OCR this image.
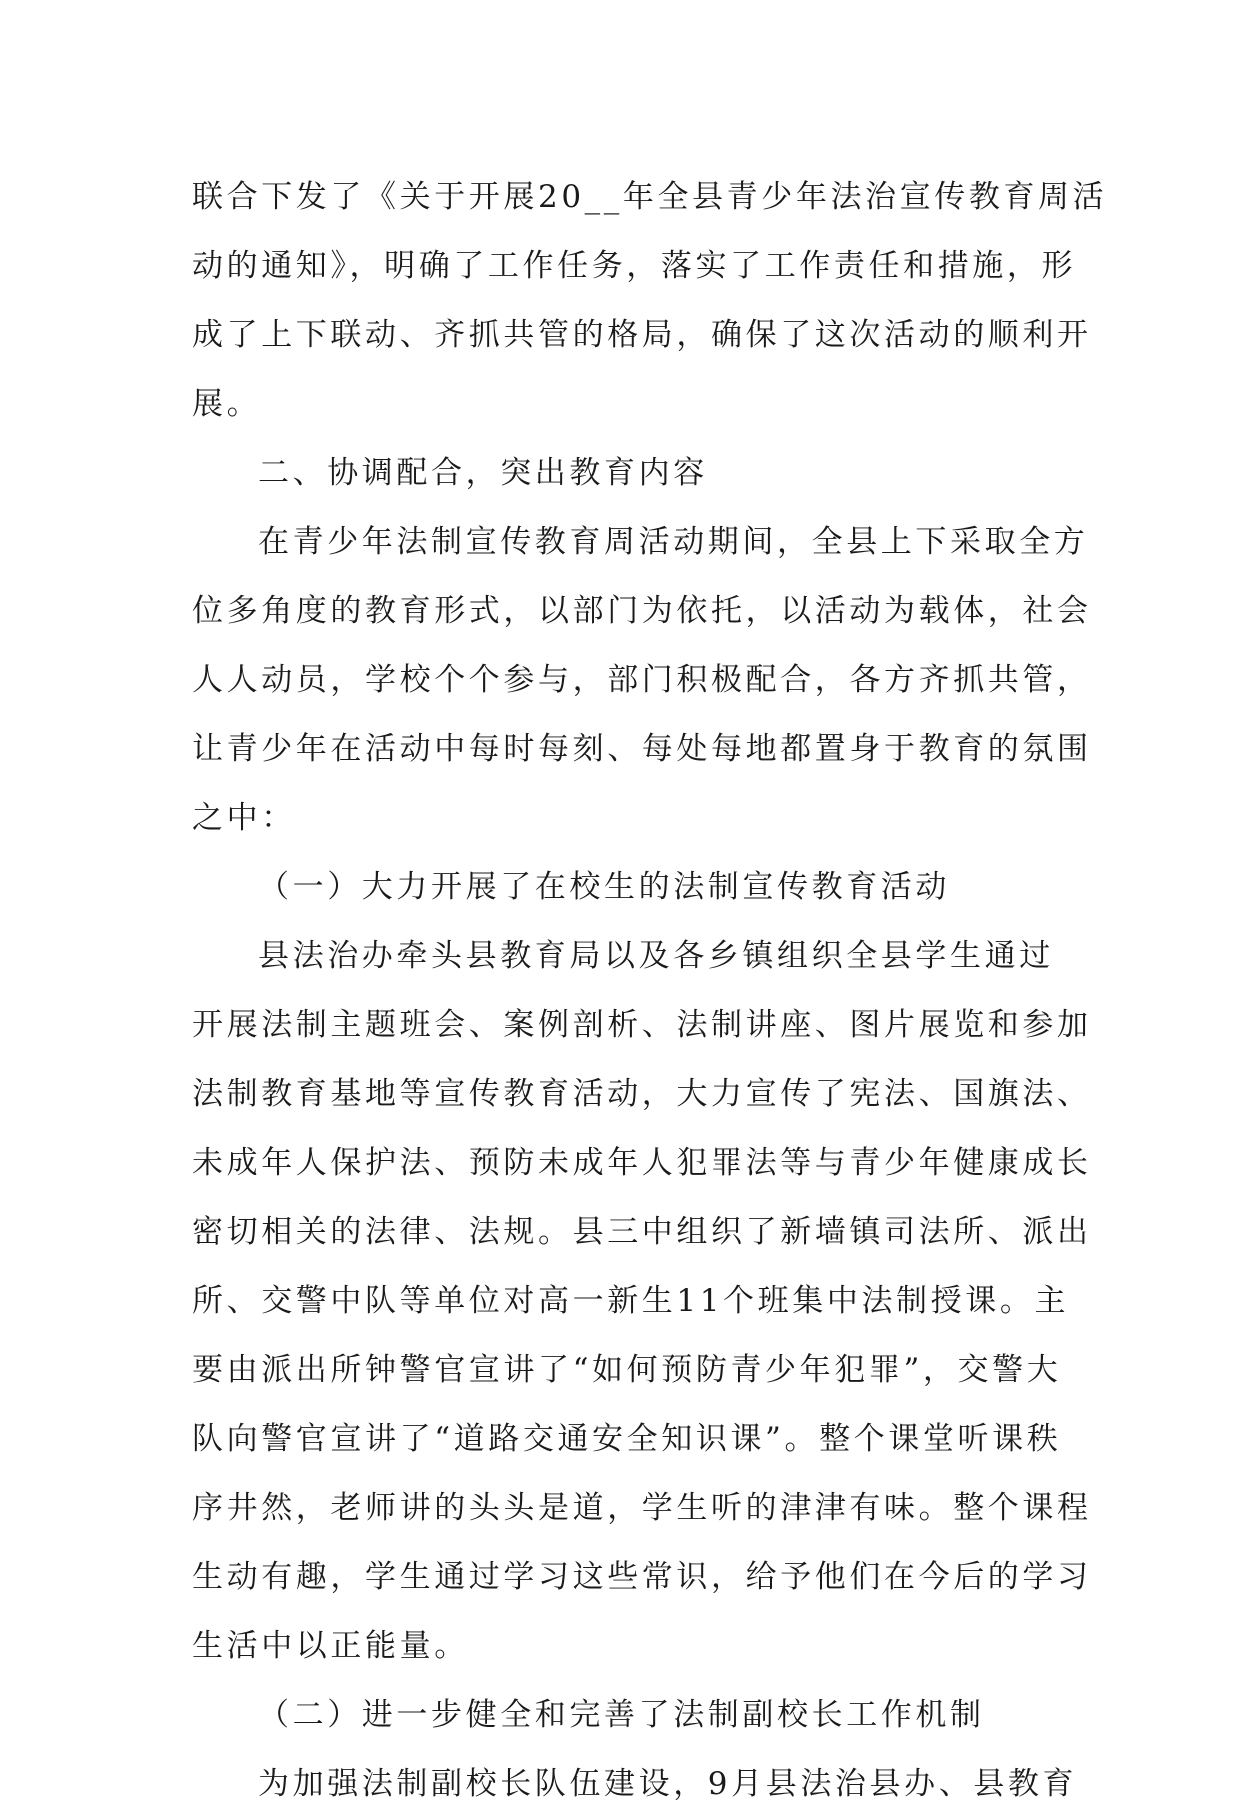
联合下发了《关于开展20__年全县青少年法治宣传教育周活
动的通知》，明确了工作任务，落实了工作责任和措施，形
成了上下联动、齐抓共管的格局，确保了这次活动的顺利开
展。
二、协调配合，突出教育内容
在青少年法制宣传教育周活动期间，全县上下采取全方
位多角度的教育形式，以部门为依托，以活动为载体，社会
人人动员，学校个个参与，部门积极配合，各方齐抓共管，
让青少年在活动中每时每刻、每处每地都置身于教育的氛围
之中：
（一）大力开展了在校生的法制宣传教育活动
县法治办牵头县教育局以及各乡镇组织全县学生通过
开展法制主题班会、案例剖析、法制讲座、图片展览和参加
法制教育基地等宣传教育活动，大力宣传了宪法、国旗法、
未成年人保护法、预防未成年人犯罪法等与青少年健康成长
密切相关的法律、法规。县三中组织了新墙镇司法所、派出
所、交警中队等单位对高一新生11个班集中法制授课。主
要由派出所钟警官宣讲了“如何预防青少年犯罪”，交警大
队向警官宣讲了“道路交通安全知识课”。整个课堂听课秩
序井然，老师讲的头头是道，学生听的津津有味。整个课程
生动有趣，学生通过学习这些常识，给予他们在今后的学习
生活中以正能量。
（二）进一步健全和完善了法制副校长工作机制
为加强法制副校长队伍建设，9月县法治县办、县教育
